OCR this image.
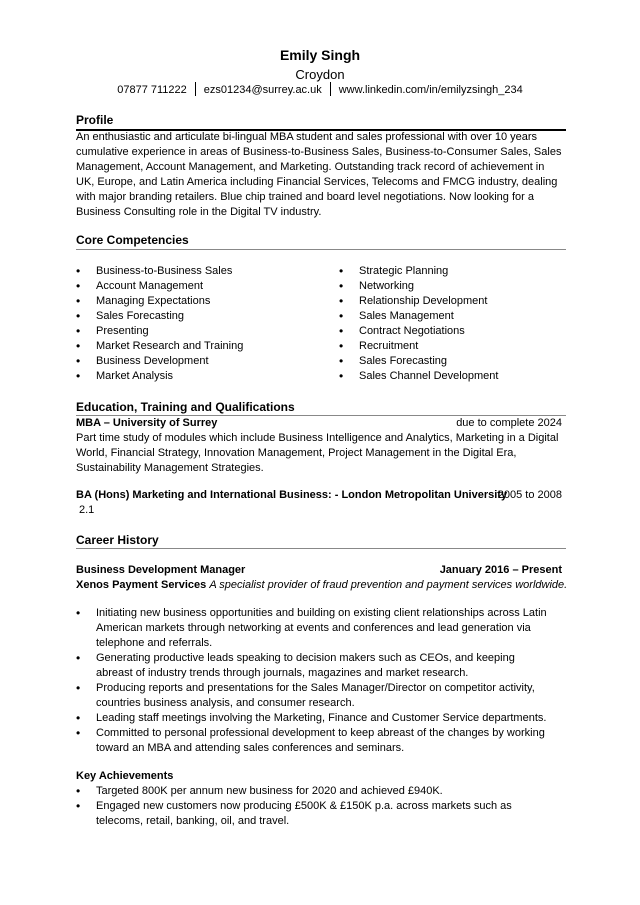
Emily Singh
Croydon
07877 711222 ezs01234@surrey.ac.uk www.linkedin.com/in/emilyzsingh_234
Profile
An enthusiastic and articulate bi-lingual MBA student and sales professional with over 10 years cumulative experience in areas of Business-to-Business Sales, Business-to-Consumer Sales, Sales Management, Account Management, and Marketing. Outstanding track record of achievement in UK, Europe, and Latin America including Financial Services, Telecoms and FMCG industry, dealing with major branding retailers. Blue chip trained and board level negotiations. Now looking for a Business Consulting role in the Digital TV industry.
Core Competencies
• Business-to-Business Sales
• Account Management
• Managing Expectations
• Sales Forecasting
• Presenting
• Market Research and Training
• Business Development
• Market Analysis
• Strategic Planning
• Networking
• Relationship Development
• Sales Management
• Contract Negotiations
• Recruitment
• Sales Forecasting
• Sales Channel Development
Education, Training and Qualifications
MBA – University of Surrey	due to complete 2024
Part time study of modules which include Business Intelligence and Analytics, Marketing in a Digital World, Financial Strategy, Innovation Management, Project Management in the Digital Era, Sustainability Management Strategies.
BA (Hons) Marketing and International Business: - London Metropolitan University
2005 to 2008
2.1
Career History
Business Development Manager	January 2016 – Present
Xenos Payment Services A specialist provider of fraud prevention and payment services worldwide.
• Initiating new business opportunities and building on existing client relationships across Latin American markets through networking at events and conferences and lead generation via telephone and referrals.
• Generating productive leads speaking to decision makers such as CEOs, and keeping abreast of industry trends through journals, magazines and market research.
• Producing reports and presentations for the Sales Manager/Director on competitor activity, countries business analysis, and consumer research.
• Leading staff meetings involving the Marketing, Finance and Customer Service departments.
• Committed to personal professional development to keep abreast of the changes by working toward an MBA and attending sales conferences and seminars.
Key Achievements
• Targeted 800K per annum new business for 2020 and achieved £940K.
• Engaged new customers now producing £500K & £150K p.a. across markets such as telecoms, retail, banking, oil, and travel.
